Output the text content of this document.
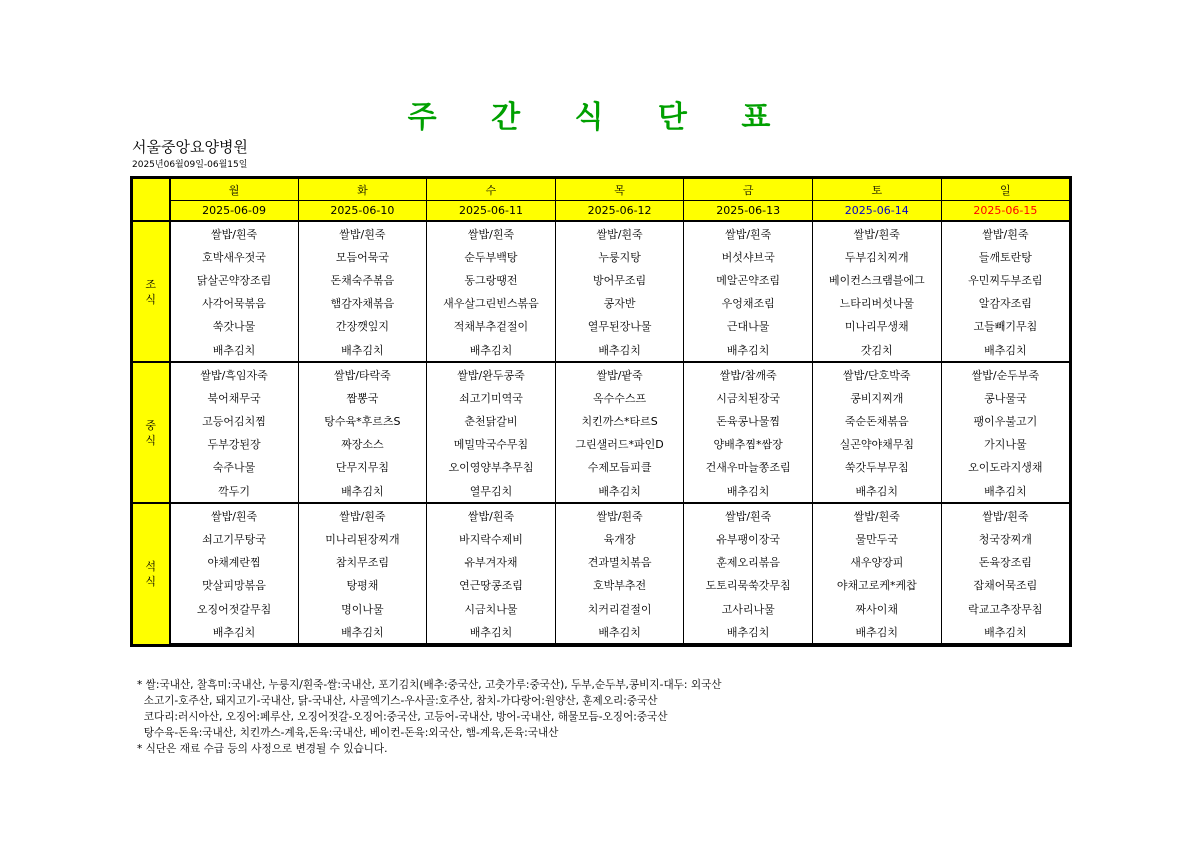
주 간 식 단 표
서울중앙요양병원
2025년06월09일-06월15일
	월	화	수	목	금	토	일
	2025-06-09	2025-06-10	2025-06-11	2025-06-12	2025-06-13	2025-06-14	2025-06-15
조
식	쌀밥/흰죽	쌀밥/흰죽	쌀밥/흰죽	쌀밥/흰죽	쌀밥/흰죽	쌀밥/흰죽	쌀밥/흰죽
	호박새우젓국	모듬어묵국	순두부백탕	누룽지탕	버섯샤브국	두부김치찌개	들깨토란탕
	닭살곤약장조림	돈채숙주볶음	동그랑땡전	방어무조림	메알곤약조림	베이컨스크램블에그	우민찌두부조림
	사각어묵볶음	햄감자채볶음	새우살그린빈스볶음	콩자반	우엉채조림	느타리버섯나물	알감자조림
	쑥갓나물	간장깻잎지	적채부추겉절이	열무된장나물	근대나물	미나리무생채	고들빼기무침
	배추김치	배추김치	배추김치	배추김치	배추김치	갓김치	배추김치
중
식	쌀밥/흑임자죽	쌀밥/타락죽	쌀밥/완두콩죽	쌀밥/팥죽	쌀밥/참깨죽	쌀밥/단호박죽	쌀밥/순두부죽
	북어채무국	짬뽕국	쇠고기미역국	옥수수스프	시금치된장국	콩비지찌개	콩나물국
	고등어김치찜	탕수육*후르츠S	춘천닭갈비	치킨까스*타르S	돈육콩나물찜	죽순돈채볶음	팽이우불고기
	두부강된장	짜장소스	메밀막국수무침	그린샐러드*파인D	양배추찜*쌈장	실곤약야채무침	가지나물
	숙주나물	단무지무침	오이영양부추무침	수제모듬피클	건새우마늘쫑조림	쑥갓두부무침	오이도라지생채
	깍두기	배추김치	열무김치	배추김치	배추김치	배추김치	배추김치
석
식	쌀밥/흰죽	쌀밥/흰죽	쌀밥/흰죽	쌀밥/흰죽	쌀밥/흰죽	쌀밥/흰죽	쌀밥/흰죽
	쇠고기무탕국	미나리된장찌개	바지락수제비	육개장	유부팽이장국	물만두국	청국장찌개
	야채계란찜	참치무조림	유부겨자채	견과멸치볶음	훈제오리볶음	새우양장피	돈육장조림
	맛살피망볶음	탕평채	연근땅콩조림	호박부추전	도토리묵쑥갓무침	야채고로케*케찹	잡채어묵조림
	오징어젓갈무침	명이나물	시금치나물	치커리겉절이	고사리나물	짜사이채	락교고추장무침
	배추김치	배추김치	배추김치	배추김치	배추김치	배추김치	배추김치
* 쌀:국내산, 찰흑미:국내산, 누룽지/흰죽-쌀:국내산, 포기김치(배추:중국산, 고춧가루:중국산), 두부,순두부,콩비지-대두: 외국산
소고기-호주산, 돼지고기-국내산, 닭-국내산, 사골엑기스-우사골:호주산, 참치-가다랑어:원양산, 훈제오리:중국산
코다리:러시아산, 오징어:페루산, 오징어젓갈-오징어:중국산, 고등어-국내산, 방어-국내산, 해물모듬-오징어:중국산
탕수육-돈육:국내산, 치킨까스-계육,돈육:국내산, 베이컨-돈육:외국산, 햄-계육,돈육:국내산
* 식단은 재료 수급 등의 사정으로 변경될 수 있습니다.
